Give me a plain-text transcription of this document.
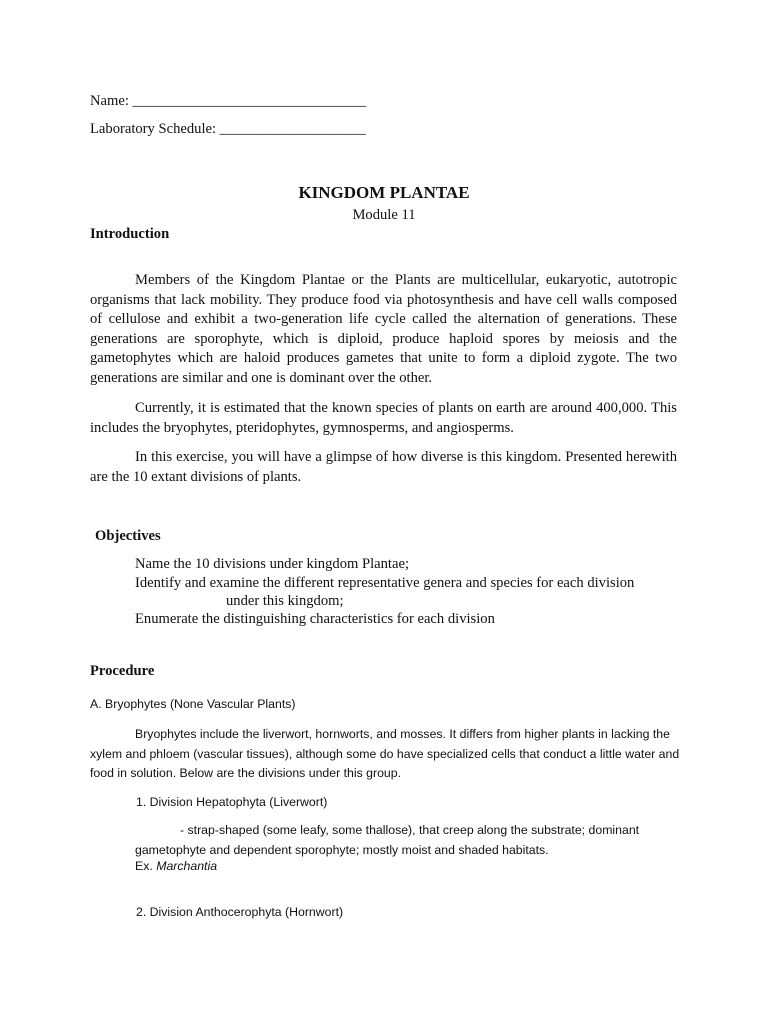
Name: ________________________________
Laboratory Schedule: ____________________
KINGDOM PLANTAE
Module 11
Introduction
Members of the Kingdom Plantae or the Plants are multicellular, eukaryotic, autotropic organisms that lack mobility. They produce food via photosynthesis and have cell walls composed of cellulose and exhibit a two-generation life cycle called the alternation of generations. These generations are sporophyte, which is diploid, produce haploid spores by meiosis and the gametophytes which are haloid produces gametes that unite to form a diploid zygote. The two generations are similar and one is dominant over the other.
Currently, it is estimated that the known species of plants on earth are around 400,000. This includes the bryophytes, pteridophytes, gymnosperms, and angiosperms.
In this exercise, you will have a glimpse of how diverse is this kingdom. Presented herewith are the 10 extant divisions of plants.
Objectives
Name the 10 divisions under kingdom Plantae;
Identify and examine the different representative genera and species for each division
under this kingdom;
Enumerate the distinguishing characteristics for each division
Procedure
A. Bryophytes (None Vascular Plants)
Bryophytes include the liverwort, hornworts, and mosses. It differs from higher plants in lacking the xylem and phloem (vascular tissues), although some do have specialized cells that conduct a little water and food in solution. Below are the divisions under this group.
1. Division Hepatophyta (Liverwort)
- strap-shaped (some leafy, some thallose), that creep along the substrate; dominant gametophyte and dependent sporophyte; mostly moist and shaded habitats.
Ex. Marchantia
2. Division Anthocerophyta (Hornwort)
